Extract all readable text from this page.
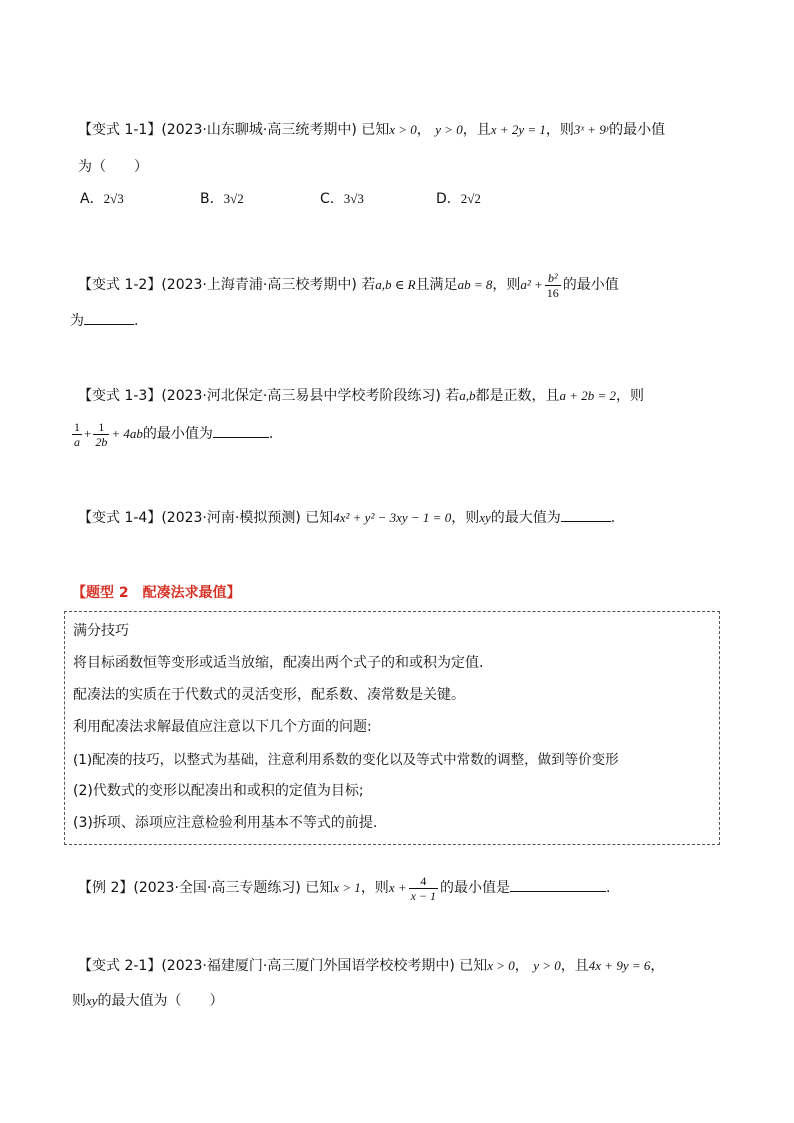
【变式 1-1】(2023·山东聊城·高三统考期中) 已知x > 0， y > 0，且x + 2y = 1，则3ˣ + 9ʸ的最小值
为（　　）
A．2√3	B．3√2	C．3√3	D．2√2
【变式 1-2】(2023·上海青浦·高三校考期中) 若a,b ∈ R且满足ab = 8，则$a^2 + \frac{\text{b²}}{16}$ 的最小值
为	.
【变式 1-3】(2023·河北保定·高三易县中学校考阶段练习) 若a,b都是正数，且a + 2b = 2，则
$\frac{1}{a} + \frac{1}{2b} + 4ab$的最小值为	.
【变式 1-4】(2023·河南·模拟预测) 已知4x² + y² − 3xy − 1 = 0，则xy的最大值为	.
【题型 2　配凑法求最值】
满分技巧
将目标函数恒等变形或适当放缩，配凑出两个式子的和或积为定值.
配凑法的实质在于代数式的灵活变形，配系数、凑常数是关键。
利用配凑法求解最值应注意以下几个方面的问题:
(1)配凑的技巧，以整式为基础，注意利用系数的变化以及等式中常数的调整，做到等价变形
(2)代数式的变形以配凑出和或积的定值为目标;
(3)拆项、添项应注意检验利用基本不等式的前提.
【例 2】(2023·全国·高三专题练习) 已知x > 1，则$x + \frac{4}{x - 1}$ 的最小值是	.
【变式 2-1】(2023·福建厦门·高三厦门外国语学校校考期中) 已知x > 0， y > 0，且4x + 9y = 6，
则xy的最大值为（　　）
